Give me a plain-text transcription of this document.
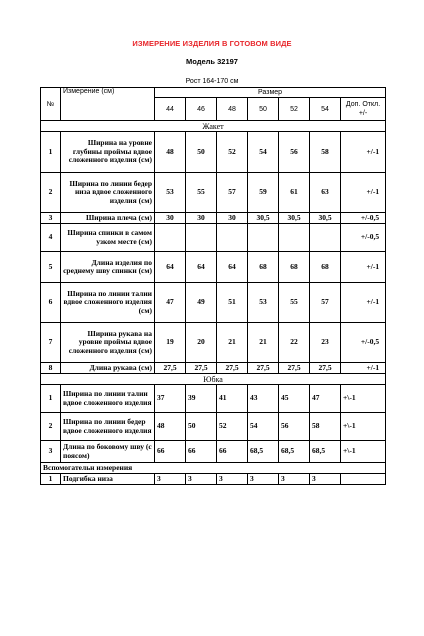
ИЗМЕРЕНИЕ ИЗДЕЛИЯ В ГОТОВОМ ВИДЕ
Модель 32197
Рост 164-170 см
№	Измерение (см)	Размер						
		44	46	48	50	52	54	Доп. Откл. +/-
Жакет								
1	Ширина на уровне глубины проймы вдвое сложенного изделия (см)	48	50	52	54	56	58	+/-1
2	Ширина по линии бедер низа вдвое сложенного изделия (см)	53	55	57	59	61	63	+/-1
3	Ширина плеча (см)	30	30	30	30,5	30,5	30,5	+/-0,5
4	Ширина спинки в самом узком месте (см)							+/-0,5
5	Длина изделия по среднему шву спинки (см)	64	64	64	68	68	68	+/-1
6	Ширина по линии талии вдвое сложенного изделия (см)	47	49	51	53	55	57	+/-1
7	Ширина рукава на уровне проймы вдвое сложенного изделия (см)	19	20	21	21	22	23	+/-0,5
8	Длина рукава (см)	27,5	27,5	27,5	27,5	27,5	27,5	+/-1
Юбка								
1	Ширина по линии талии вдвое сложенного изделия	37	39	41	43	45	47	+\-1
2	Ширина по линии бедер вдвое сложенного изделия	48	50	52	54	56	58	+\-1
3	Длина по боковому шву (с поясом)	66	66	66	68,5	68,5	68,5	+\-1
Вспомогательн измерения								
1	Подгибка низа	3	3	3	3	3	3	
